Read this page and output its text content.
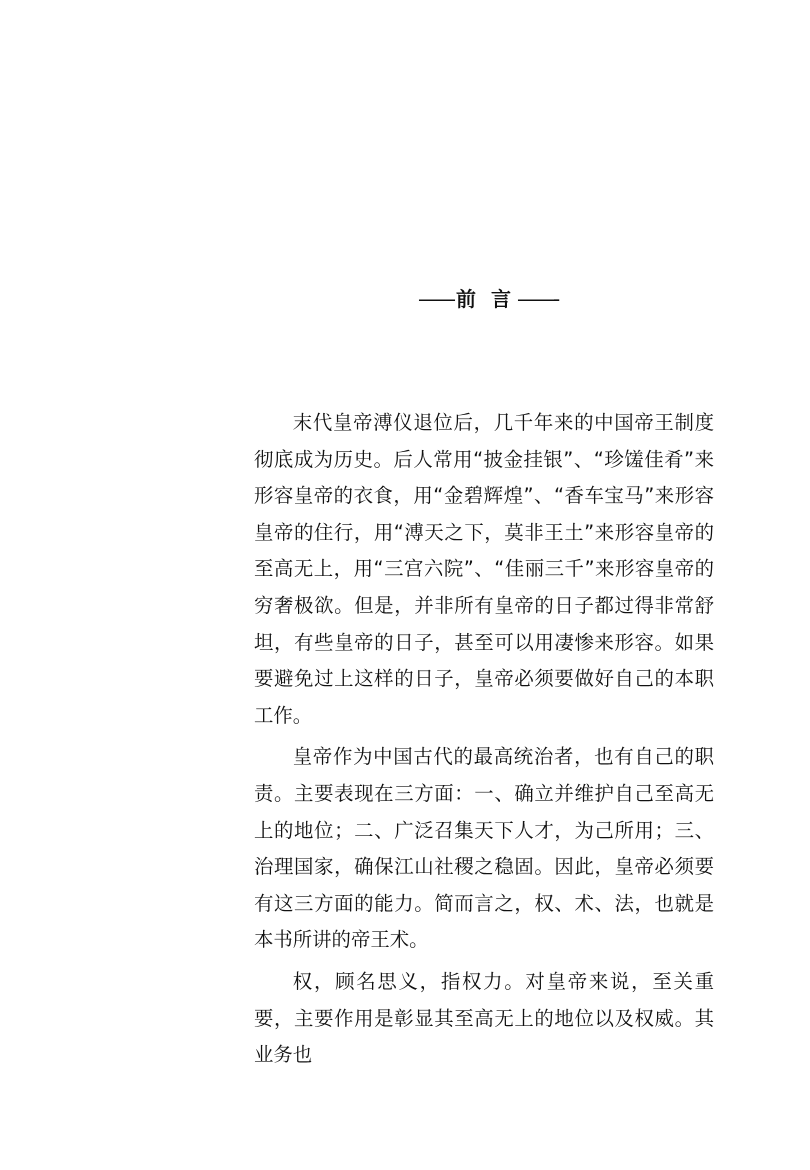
—— 前 言 ——-

末代皇帝溥仪退位后，几千年来的中国帝王制度彻底成为历史。后人常用“披金挂银”、“珍馐佳肴”来形容皇帝的衣食，用“金碧辉煌”、“香车宝马”来形容皇帝的住行，用“溥天之下，莫非王土”来形容皇帝的至高无上，用“三宫六院”、“佳丽三千”来形容皇帝的穷奢极欲。但是，并非所有皇帝的日子都过得非常舒坦，有些皇帝的日子，甚至可以用凄惨来形容。如果要避免过上这样的日子，皇帝必须要做好自己的本职工作。

皇帝作为中国古代的最高统治者，也有自己的职责。主要表现在三方面：一、确立并维护自己至高无上的地位；二、广泛召集天下人才，为己所用；三、治理国家，确保江山社稷之稳固。因此，皇帝必须要有这三方面的能力。简而言之，权、术、法，也就是本书所讲的帝王术。

权，顾名思义，指权力。对皇帝来说，至关重要，主要作用是彰显其至高无上的地位以及权威。其业务也
